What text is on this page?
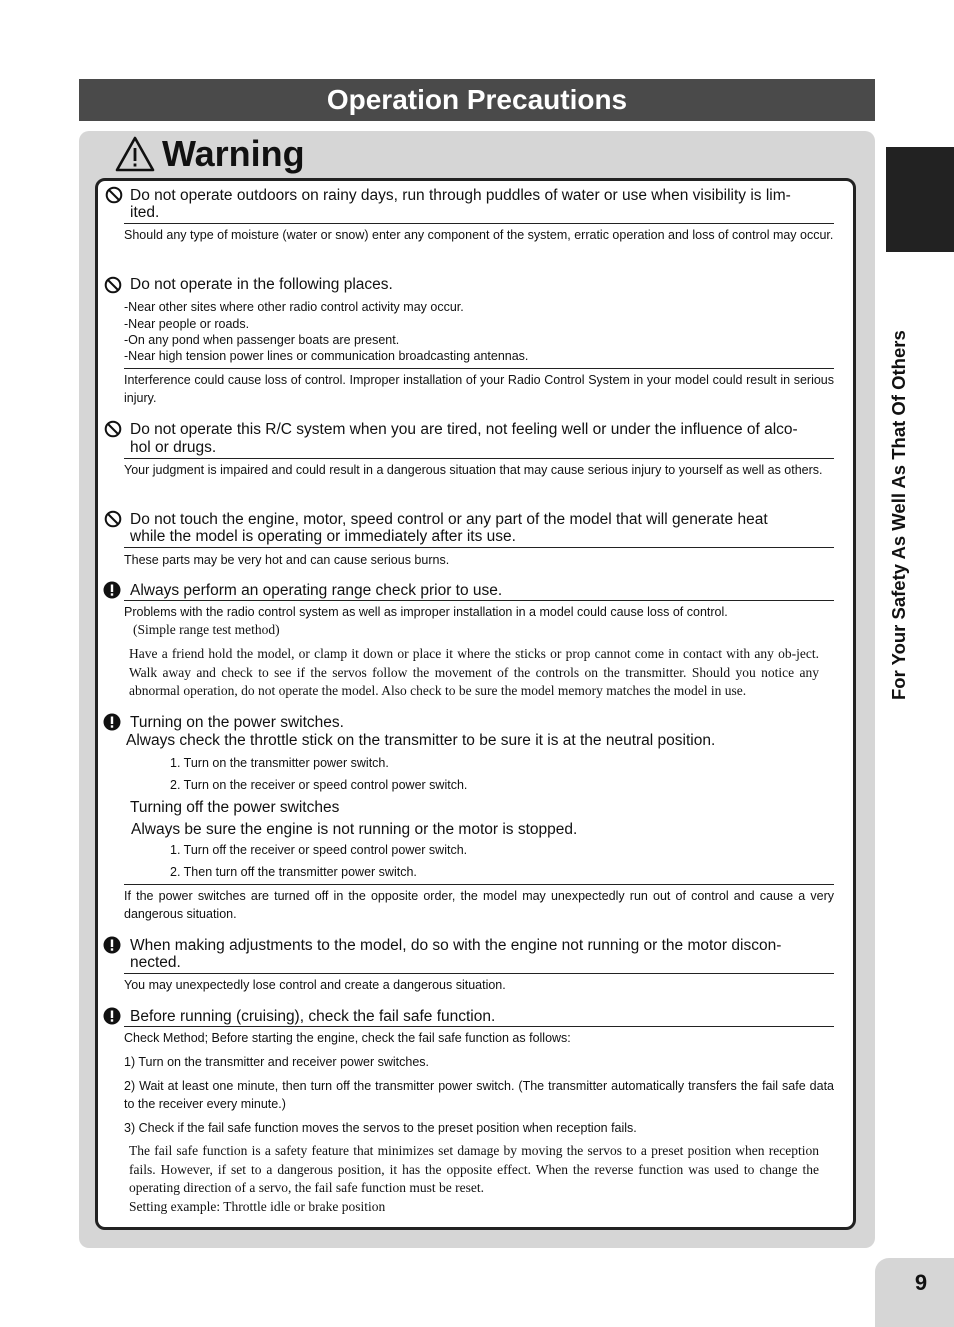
Operation Precautions
For Your Safety As Well As That Of Others
Warning
Do not operate outdoors on rainy days, run through puddles of water or use when visibility is lim-
ited.
Should any type of moisture (water or snow) enter any component of the system, erratic operation and loss of control may occur.
Do not operate in the following places.
-Near other sites where other radio control activity may occur.
-Near people or roads.
-On any pond when passenger boats are present.
-Near high tension power lines or communication broadcasting antennas.
Interference could cause loss of control. Improper installation of your Radio Control System in your model could result in serious injury.
Do not operate this R/C system when you are tired, not feeling well or under the influence of alco-
hol or drugs.
Your judgment is impaired and could result in a dangerous situation that may cause serious injury to yourself as well as others.
Do not touch the engine, motor, speed control or any part of the model that will generate heat
while the model is operating or immediately after its use.
These parts may be very hot and can cause serious burns.
Always perform an operating range check prior to use.
Problems with the radio control system as well as improper installation in a model could cause loss of control.
(Simple range test method)
Have a friend hold the model, or clamp it down or place it where the sticks or prop cannot come in contact with any ob-ject. Walk away and check to see if the servos follow the movement of the controls on the transmitter. Should you notice any abnormal operation, do not operate the model. Also check to be sure the model memory matches the model in use.
Turning on the power switches.
Always check the throttle stick on the transmitter to be sure it is at the neutral position.
1. Turn on the transmitter power switch.
2. Turn on the receiver or speed control power switch.
Turning off the power switches
Always be sure the engine is not running or the motor is stopped.
1. Turn off the receiver or speed control power switch.
2. Then turn off the transmitter power switch.
If the power switches are turned off in the opposite order, the model may unexpectedly run out of control and cause a very dangerous situation.
When making adjustments to the model, do so with the engine not running or the motor discon-
nected.
You may unexpectedly lose control and create a dangerous situation.
Before running (cruising), check the fail safe function.
Check Method; Before starting the engine, check the fail safe function as follows:
1) Turn on the transmitter and receiver power switches.
2) Wait at least one minute, then turn off the transmitter power switch. (The transmitter automatically transfers the fail safe data to the receiver every minute.)
3) Check if the fail safe function moves the servos to the preset position when reception fails.
The fail safe function is a safety feature that minimizes set damage by moving the servos to a preset position when reception fails. However, if set to a dangerous position, it has the opposite effect. When the reverse function was used to change the operating direction of a servo, the fail safe function must be reset.
Setting example: Throttle idle or brake position
9
